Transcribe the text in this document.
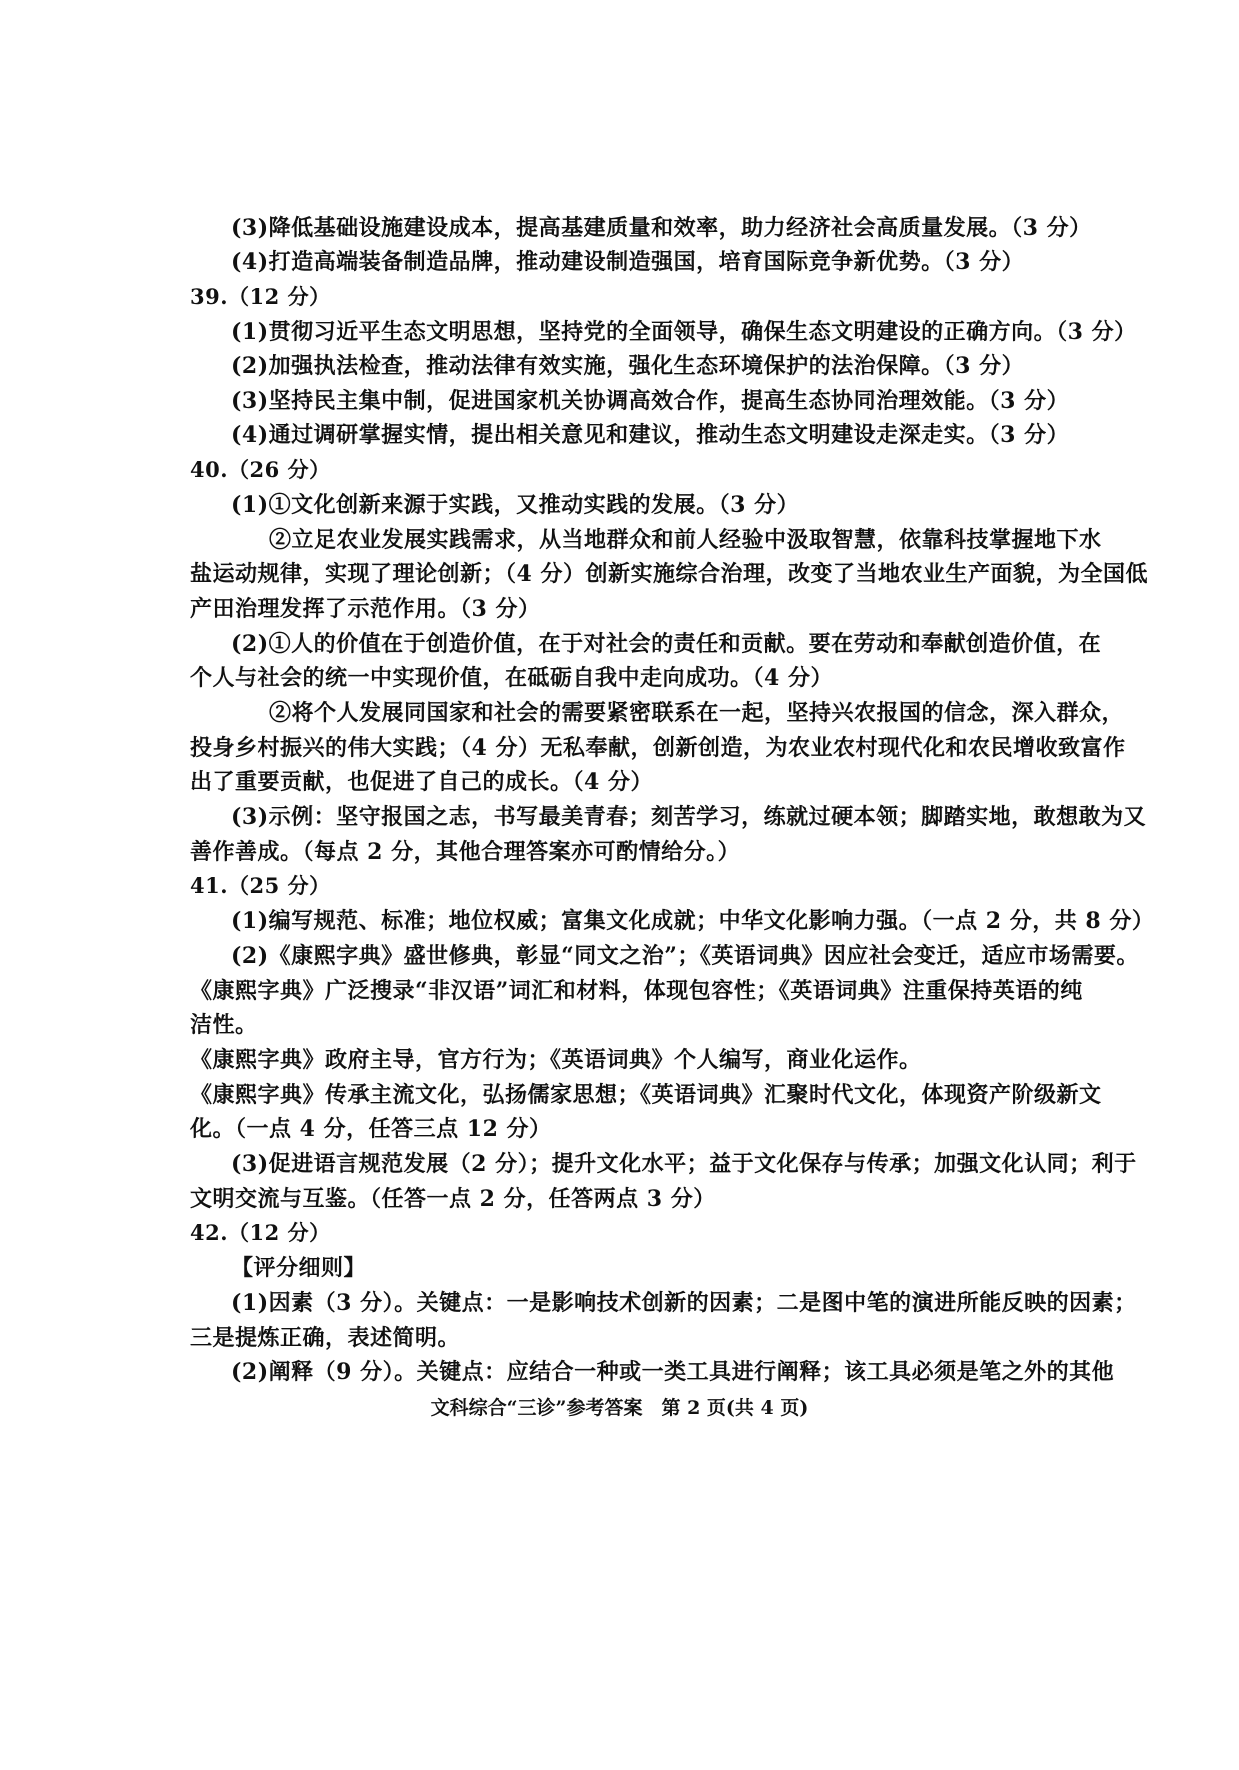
(3)降低基础设施建设成本，提高基建质量和效率，助力经济社会高质量发展。（3 分）
(4)打造高端装备制造品牌，推动建设制造强国，培育国际竞争新优势。（3 分）
39.（12 分）
(1)贯彻习近平生态文明思想，坚持党的全面领导，确保生态文明建设的正确方向。（3 分）
(2)加强执法检查，推动法律有效实施，强化生态环境保护的法治保障。（3 分）
(3)坚持民主集中制，促进国家机关协调高效合作，提高生态协同治理效能。（3 分）
(4)通过调研掌握实情，提出相关意见和建议，推动生态文明建设走深走实。（3 分）
40.（26 分）
(1)①文化创新来源于实践，又推动实践的发展。（3 分）
②立足农业发展实践需求，从当地群众和前人经验中汲取智慧，依靠科技掌握地下水
盐运动规律，实现了理论创新；（4 分）创新实施综合治理，改变了当地农业生产面貌，为全国低
产田治理发挥了示范作用。（3 分）
(2)①人的价值在于创造价值，在于对社会的责任和贡献。要在劳动和奉献创造价值，在
个人与社会的统一中实现价值，在砥砺自我中走向成功。（4 分）
②将个人发展同国家和社会的需要紧密联系在一起，坚持兴农报国的信念，深入群众，
投身乡村振兴的伟大实践；（4 分）无私奉献，创新创造，为农业农村现代化和农民增收致富作
出了重要贡献，也促进了自己的成长。（4 分）
(3)示例：坚守报国之志，书写最美青春；刻苦学习，练就过硬本领；脚踏实地，敢想敢为又
善作善成。（每点 2 分，其他合理答案亦可酌情给分。）
41.（25 分）
(1)编写规范、标准；地位权威；富集文化成就；中华文化影响力强。（一点 2 分，共 8 分）
(2)《康熙字典》盛世修典，彰显“同文之治”；《英语词典》因应社会变迁，适应市场需要。
《康熙字典》广泛搜录“非汉语”词汇和材料，体现包容性；《英语词典》注重保持英语的纯
洁性。
《康熙字典》政府主导，官方行为；《英语词典》个人编写，商业化运作。
《康熙字典》传承主流文化，弘扬儒家思想；《英语词典》汇聚时代文化，体现资产阶级新文
化。（一点 4 分，任答三点 12 分）
(3)促进语言规范发展（2 分）；提升文化水平；益于文化保存与传承；加强文化认同；利于
文明交流与互鉴。（任答一点 2 分，任答两点 3 分）
42.（12 分）
【评分细则】
(1)因素（3 分）。关键点：一是影响技术创新的因素；二是图中笔的演进所能反映的因素；
三是提炼正确，表述简明。
(2)阐释（9 分）。关键点：应结合一种或一类工具进行阐释；该工具必须是笔之外的其他
文科综合“三诊”参考答案　第 2 页(共 4 页)
